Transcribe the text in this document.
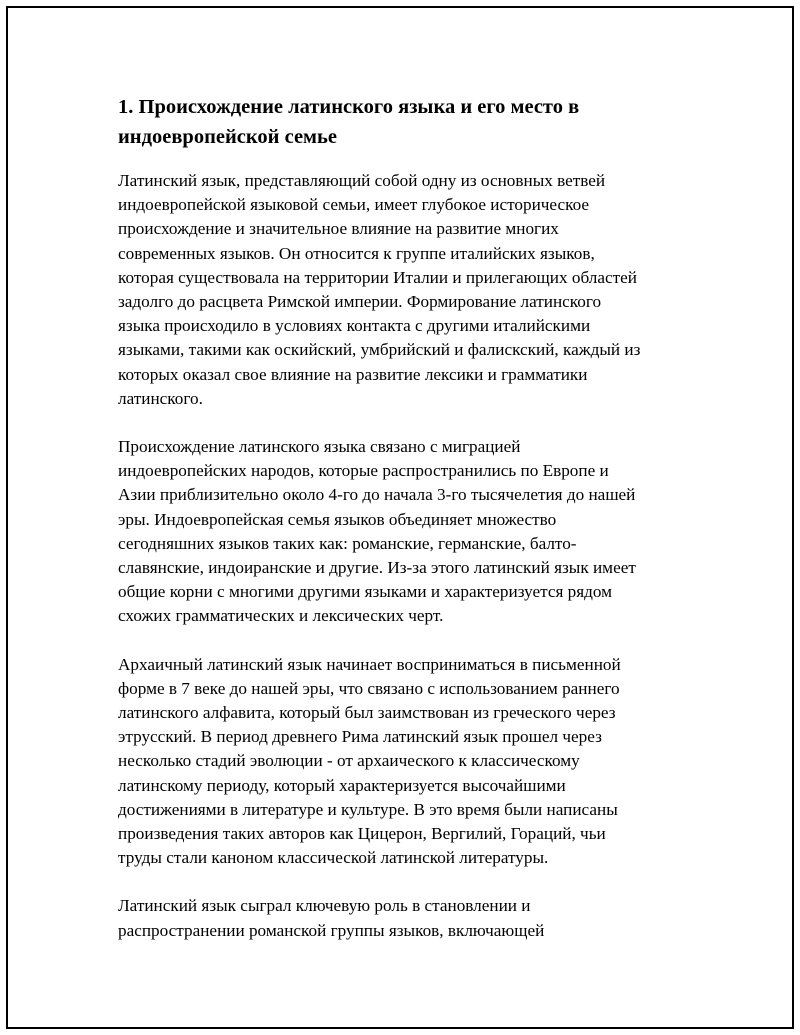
1. Происхождение латинского языка и его место в
индоевропейской семье

Латинский язык, представляющий собой одну из основных ветвей
индоевропейской языковой семьи, имеет глубокое историческое
происхождение и значительное влияние на развитие многих
современных языков. Он относится к группе италийских языков,
которая существовала на территории Италии и прилегающих областей
задолго до расцвета Римской империи. Формирование латинского
языка происходило в условиях контакта с другими италийскими
языками, такими как оскийский, умбрийский и фалискский, каждый из
которых оказал свое влияние на развитие лексики и грамматики
латинского.

Происхождение латинского языка связано с миграцией
индоевропейских народов, которые распространились по Европе и
Азии приблизительно около 4-го до начала 3-го тысячелетия до нашей
эры. Индоевропейская семья языков объединяет множество
сегодняшних языков таких как: романские, германские, балто-
славянские, индоиранские и другие. Из-за этого латинский язык имеет
общие корни с многими другими языками и характеризуется рядом
схожих грамматических и лексических черт.

Архаичный латинский язык начинает восприниматься в письменной
форме в 7 веке до нашей эры, что связано с использованием раннего
латинского алфавита, который был заимствован из греческого через
этрусский. В период древнего Рима латинский язык прошел через
несколько стадий эволюции - от архаического к классическому
латинскому периоду, который характеризуется высочайшими
достижениями в литературе и культуре. В это время были написаны
произведения таких авторов как Цицерон, Вергилий, Гораций, чьи
труды стали каноном классической латинской литературы.

Латинский язык сыграл ключевую роль в становлении и
распространении романской группы языков, включающей
